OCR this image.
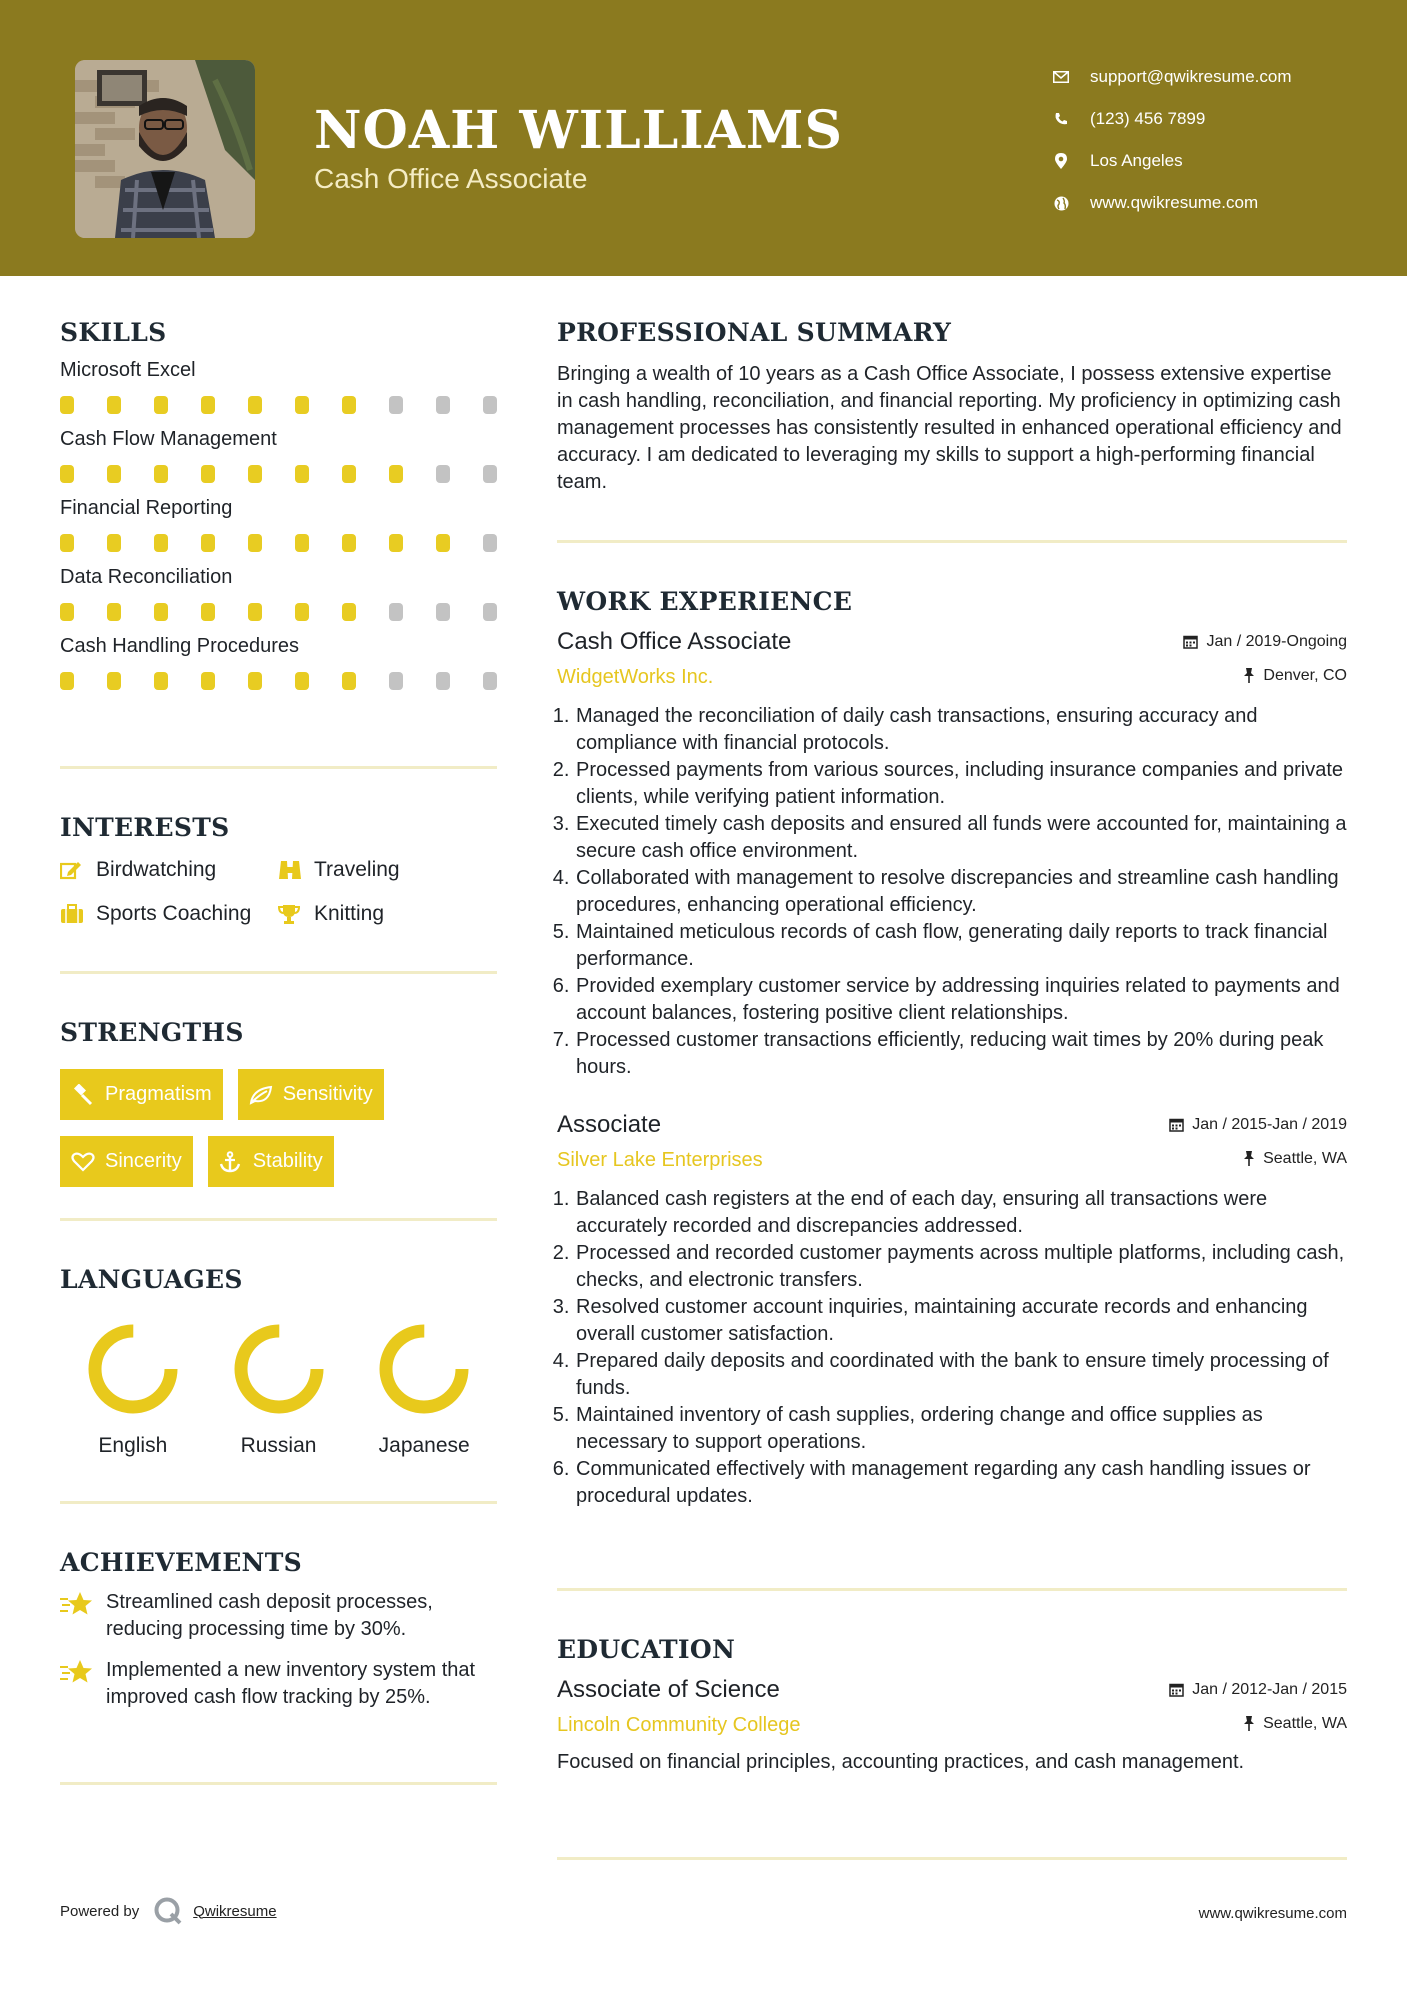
NOAH WILLIAMS
Cash Office Associate
support@qwikresume.com
(123) 456 7899
Los Angeles
www.qwikresume.com
SKILLS
Microsoft Excel
Cash Flow Management
Financial Reporting
Data Reconciliation
Cash Handling Procedures
INTERESTS
Birdwatching	Traveling
Sports Coaching	Knitting
STRENGTHS
Pragmatism	Sensitivity
Sincerity	Stability
LANGUAGES
English	Russian	Japanese
ACHIEVEMENTS
Streamlined cash deposit processes, reducing processing time by 30%.
Implemented a new inventory system that improved cash flow tracking by 25%.
PROFESSIONAL SUMMARY
Bringing a wealth of 10 years as a Cash Office Associate, I possess extensive expertise in cash handling, reconciliation, and financial reporting. My proficiency in optimizing cash management processes has consistently resulted in enhanced operational efficiency and accuracy. I am dedicated to leveraging my skills to support a high-performing financial team.
WORK EXPERIENCE
Cash Office Associate	Jan / 2019-Ongoing
WidgetWorks Inc.	Denver, CO
1. Managed the reconciliation of daily cash transactions, ensuring accuracy and compliance with financial protocols.
2. Processed payments from various sources, including insurance companies and private clients, while verifying patient information.
3. Executed timely cash deposits and ensured all funds were accounted for, maintaining a secure cash office environment.
4. Collaborated with management to resolve discrepancies and streamline cash handling procedures, enhancing operational efficiency.
5. Maintained meticulous records of cash flow, generating daily reports to track financial performance.
6. Provided exemplary customer service by addressing inquiries related to payments and account balances, fostering positive client relationships.
7. Processed customer transactions efficiently, reducing wait times by 20% during peak hours.
Associate	Jan / 2015-Jan / 2019
Silver Lake Enterprises	Seattle, WA
1. Balanced cash registers at the end of each day, ensuring all transactions were accurately recorded and discrepancies addressed.
2. Processed and recorded customer payments across multiple platforms, including cash, checks, and electronic transfers.
3. Resolved customer account inquiries, maintaining accurate records and enhancing overall customer satisfaction.
4. Prepared daily deposits and coordinated with the bank to ensure timely processing of funds.
5. Maintained inventory of cash supplies, ordering change and office supplies as necessary to support operations.
6. Communicated effectively with management regarding any cash handling issues or procedural updates.
EDUCATION
Associate of Science	Jan / 2012-Jan / 2015
Lincoln Community College	Seattle, WA
Focused on financial principles, accounting practices, and cash management.
Powered by	Qwikresume	www.qwikresume.com
